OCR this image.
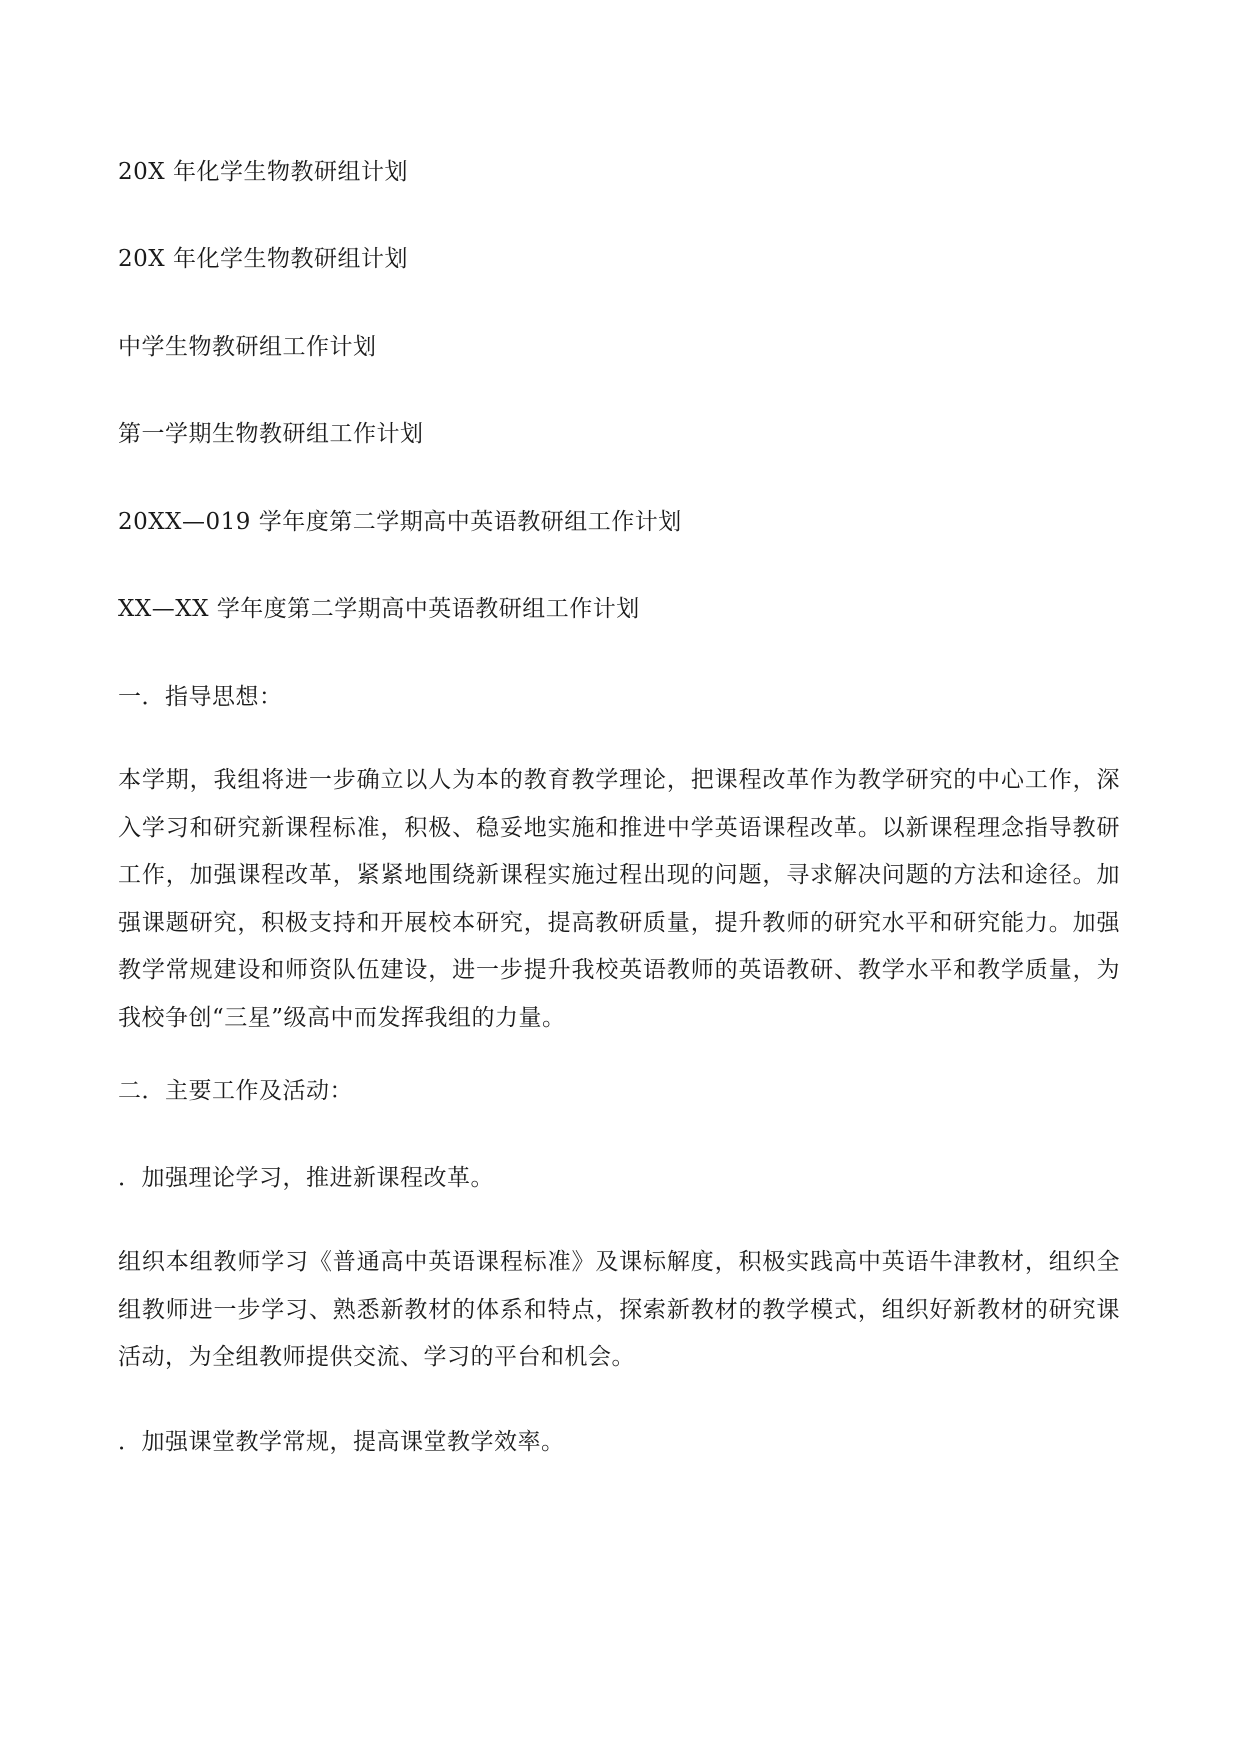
20X 年化学生物教研组计划

20X 年化学生物教研组计划

中学生物教研组工作计划

第一学期生物教研组工作计划

20XX—019 学年度第二学期高中英语教研组工作计划

XX—XX 学年度第二学期高中英语教研组工作计划

一．指导思想：

本学期，我组将进一步确立以人为本的教育教学理论，把课程改革作为教学研究的中心工作，深入学习和研究新课程标准，积极、稳妥地实施和推进中学英语课程改革。以新课程理念指导教研工作，加强课程改革，紧紧地围绕新课程实施过程出现的问题，寻求解决问题的方法和途径。加强课题研究，积极支持和开展校本研究，提高教研质量，提升教师的研究水平和研究能力。加强教学常规建设和师资队伍建设，进一步提升我校英语教师的英语教研、教学水平和教学质量，为我校争创“三星”级高中而发挥我组的力量。

二．主要工作及活动：

．加强理论学习，推进新课程改革。

组织本组教师学习《普通高中英语课程标准》及课标解度，积极实践高中英语牛津教材，组织全组教师进一步学习、熟悉新教材的体系和特点，探索新教材的教学模式，组织好新教材的研究课活动，为全组教师提供交流、学习的平台和机会。

．加强课堂教学常规，提高课堂教学效率。
